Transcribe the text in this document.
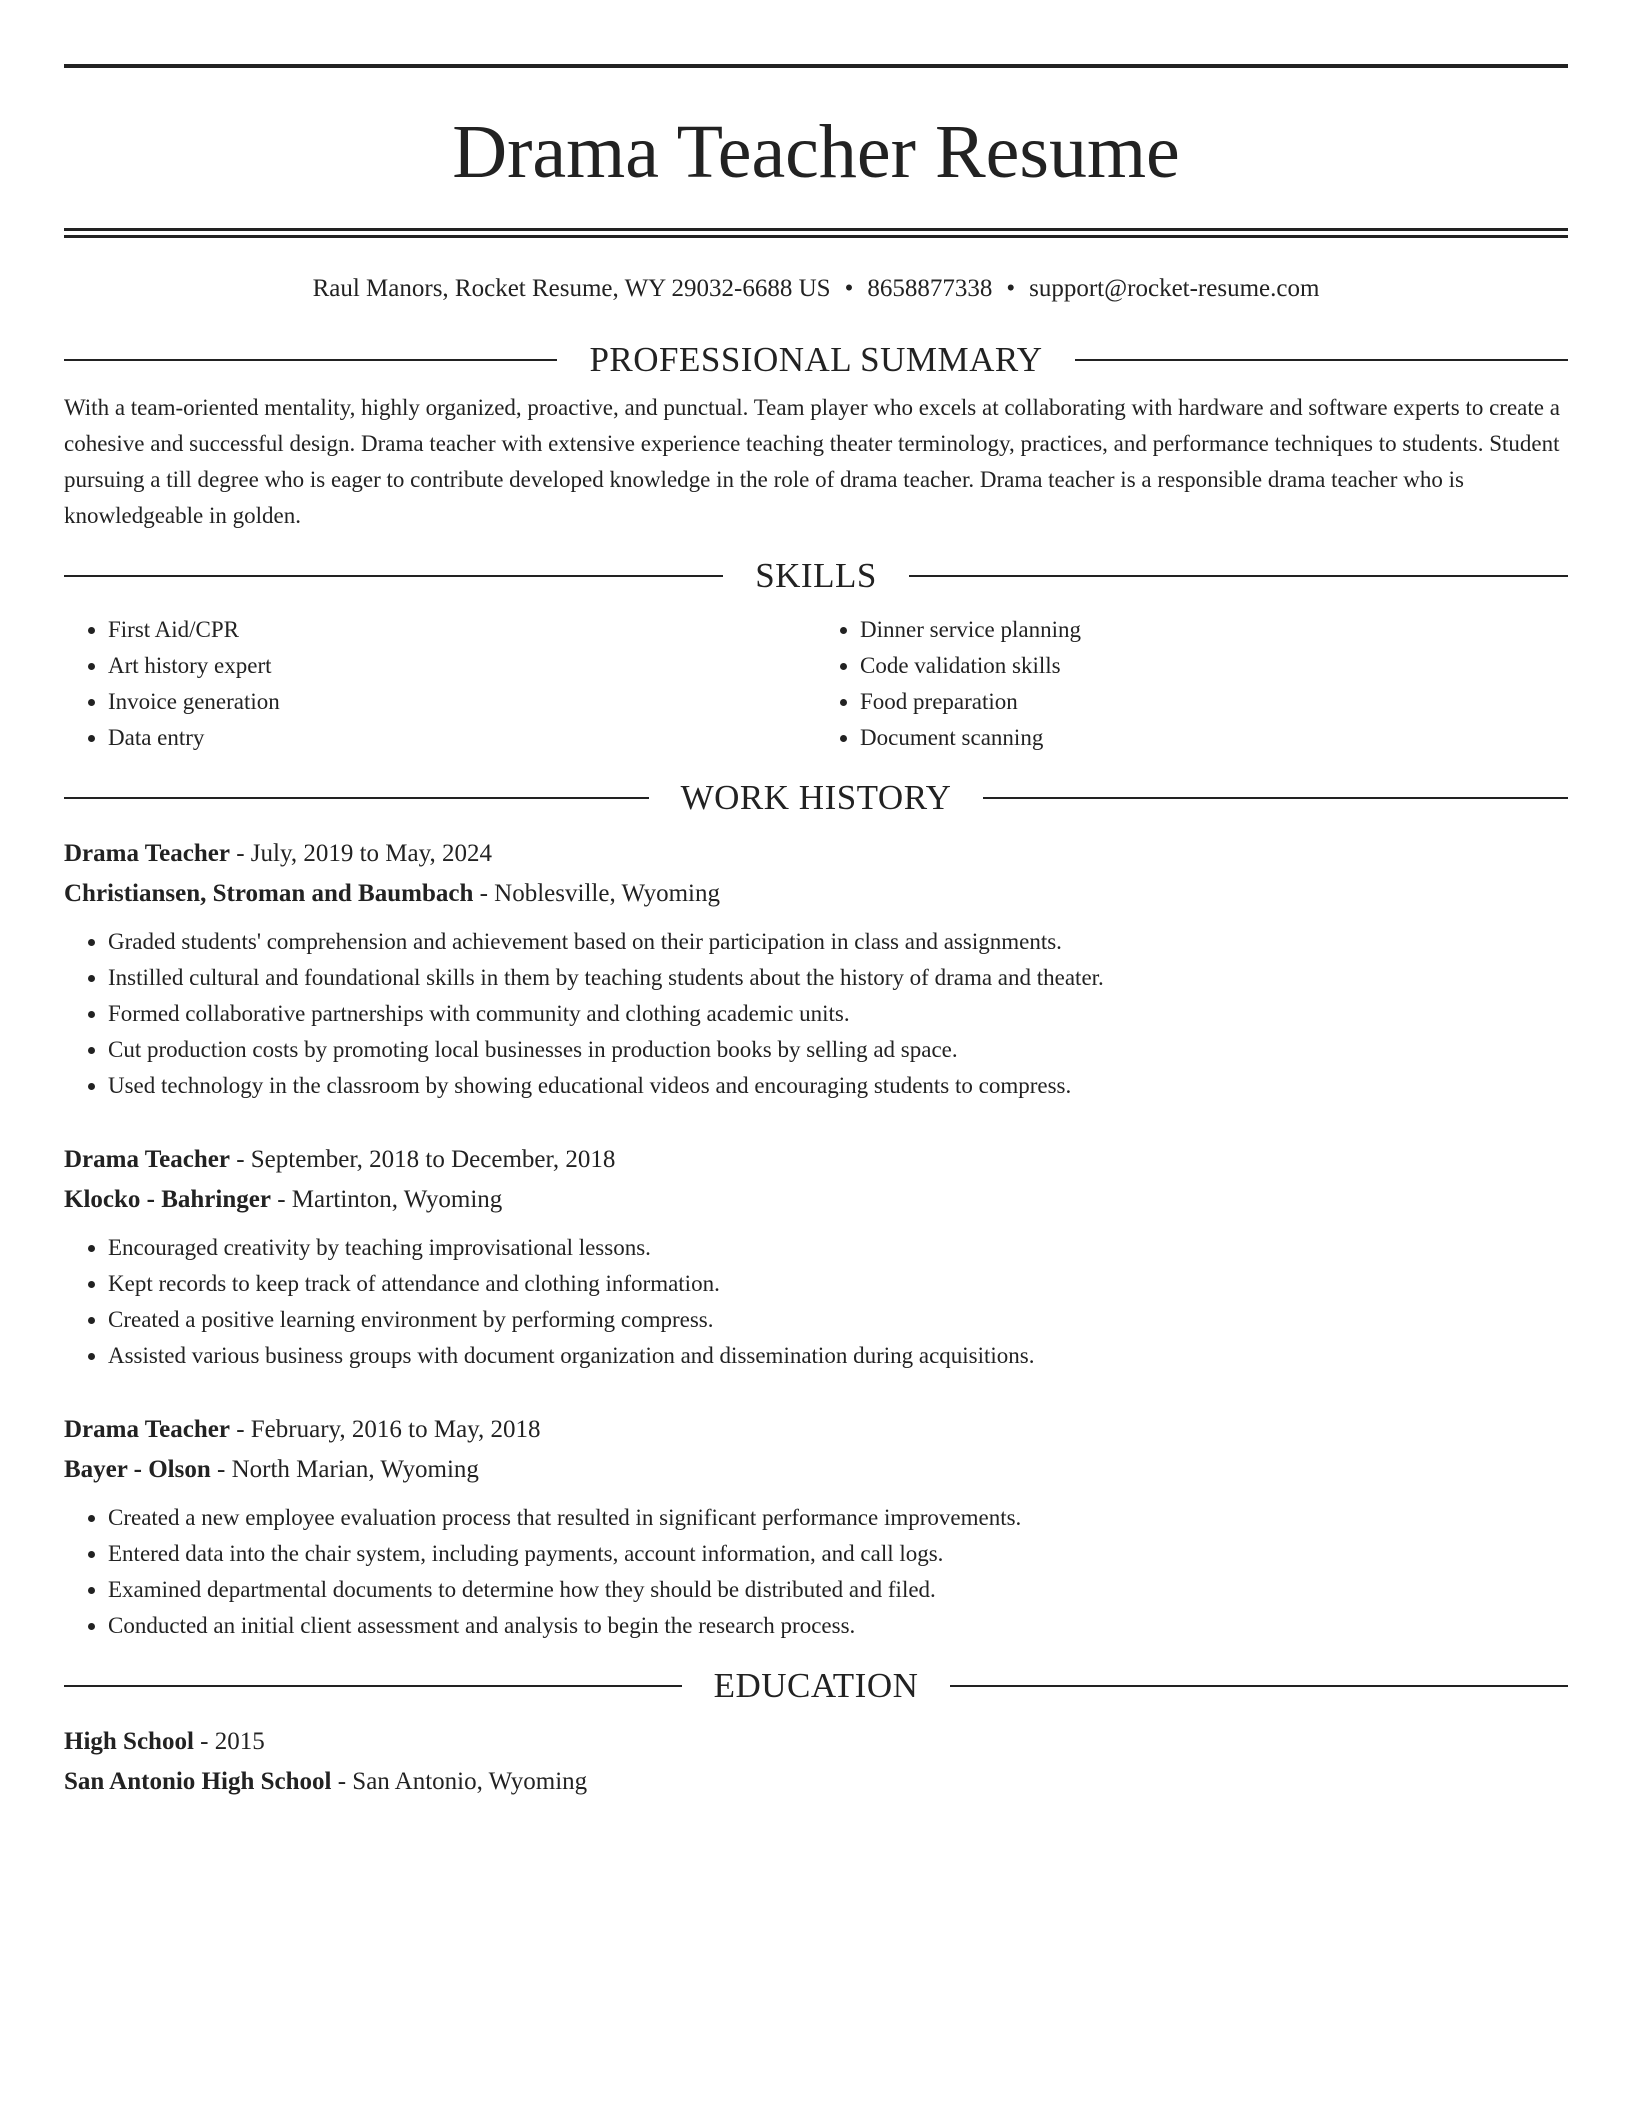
Drama Teacher Resume
Raul Manors, Rocket Resume, WY 29032-6688 US • 8658877338 • support@rocket-resume.com
PROFESSIONAL SUMMARY

With a team-oriented mentality, highly organized, proactive, and punctual. Team player who excels at collaborating with hardware and software experts to create a cohesive and successful design. Drama teacher with extensive experience teaching theater terminology, practices, and performance techniques to students. Student pursuing a till degree who is eager to contribute developed knowledge in the role of drama teacher. Drama teacher is a responsible drama teacher who is knowledgeable in golden.

SKILLS
• First Aid/CPR
• Art history expert
• Invoice generation
• Data entry
• Dinner service planning
• Code validation skills
• Food preparation
• Document scanning
WORK HISTORY
Drama Teacher - July, 2019 to May, 2024
Christiansen, Stroman and Baumbach - Noblesville, Wyoming
• Graded students' comprehension and achievement based on their participation in class and assignments.
• Instilled cultural and foundational skills in them by teaching students about the history of drama and theater.
• Formed collaborative partnerships with community and clothing academic units.
• Cut production costs by promoting local businesses in production books by selling ad space.
• Used technology in the classroom by showing educational videos and encouraging students to compress.
Drama Teacher - September, 2018 to December, 2018
Klocko - Bahringer - Martinton, Wyoming
• Encouraged creativity by teaching improvisational lessons.
• Kept records to keep track of attendance and clothing information.
• Created a positive learning environment by performing compress.
• Assisted various business groups with document organization and dissemination during acquisitions.
Drama Teacher - February, 2016 to May, 2018
Bayer - Olson - North Marian, Wyoming
• Created a new employee evaluation process that resulted in significant performance improvements.
• Entered data into the chair system, including payments, account information, and call logs.
• Examined departmental documents to determine how they should be distributed and filed.
• Conducted an initial client assessment and analysis to begin the research process.
EDUCATION
High School - 2015
San Antonio High School - San Antonio, Wyoming
